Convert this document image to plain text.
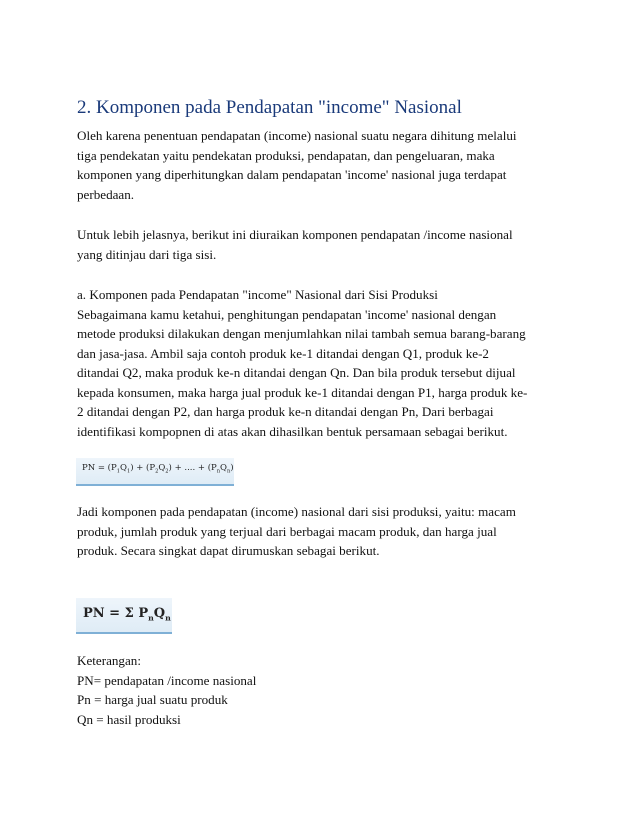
2. Komponen pada Pendapatan "income" Nasional
Oleh karena penentuan pendapatan (income) nasional suatu negara dihitung melalui
tiga pendekatan yaitu pendekatan produksi, pendapatan, dan pengeluaran, maka
komponen yang diperhitungkan dalam pendapatan 'income' nasional juga terdapat
perbedaan.
Untuk lebih jelasnya, berikut ini diuraikan komponen pendapatan /income nasional
yang ditinjau dari tiga sisi.
a. Komponen pada Pendapatan "income" Nasional dari Sisi Produksi
Sebagaimana kamu ketahui, penghitungan pendapatan 'income' nasional dengan
metode produksi dilakukan dengan menjumlahkan nilai tambah semua barang-barang
dan jasa-jasa. Ambil saja contoh produk ke-1 ditandai dengan Q1, produk ke-2
ditandai Q2, maka produk ke-n ditandai dengan Qn. Dan bila produk tersebut dijual
kepada konsumen, maka harga jual produk ke-1 ditandai dengan P1, harga produk ke-
2 ditandai dengan P2, dan harga produk ke-n ditandai dengan Pn, Dari berbagai
identifikasi kompopnen di atas akan dihasilkan bentuk persamaan sebagai berikut.
PN = $(P_1Q_1) + (P_2Q_2)$ + .... + $(P_nQ_n)$
Jadi komponen pada pendapatan (income) nasional dari sisi produksi, yaitu: macam
produk, jumlah produk yang terjual dari berbagai macam produk, dan harga jual
produk. Secara singkat dapat dirumuskan sebagai berikut.
PN = Σ $P_nQ_n$
Keterangan:
PN= pendapatan /income nasional
Pn = harga jual suatu produk
Qn = hasil produksi
